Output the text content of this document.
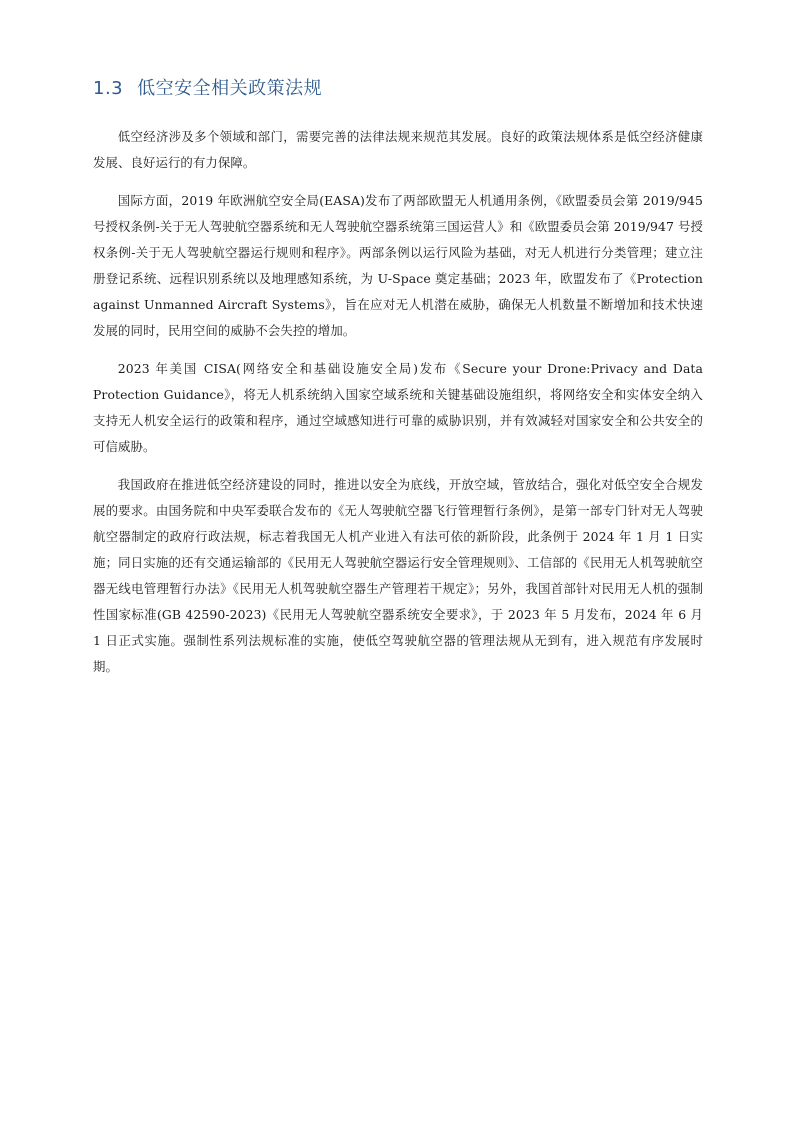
1.3 低空安全相关政策法规

低空经济涉及多个领域和部门，需要完善的法律法规来规范其发展。良好的政策法规体系是低空经济健康发展、良好运行的有力保障。

国际方面，2019 年欧洲航空安全局(EASA)发布了两部欧盟无人机通用条例，《欧盟委员会第 2019/945 号授权条例-关于无人驾驶航空器系统和无人驾驶航空器系统第三国运营人》和《欧盟委员会第 2019/947 号授权条例-关于无人驾驶航空器运行规则和程序》。两部条例以运行风险为基础，对无人机进行分类管理；建立注册登记系统、远程识别系统以及地理感知系统，为 U-Space 奠定基础；2023 年，欧盟发布了《Protection against Unmanned Aircraft Systems》，旨在应对无人机潜在威胁，确保无人机数量不断增加和技术快速发展的同时，民用空间的威胁不会失控的增加。

2023 年美国 CISA(网络安全和基础设施安全局)发布《Secure your Drone:Privacy and Data Protection Guidance》，将无人机系统纳入国家空域系统和关键基础设施组织，将网络安全和实体安全纳入支持无人机安全运行的政策和程序，通过空域感知进行可靠的威胁识别，并有效减轻对国家安全和公共安全的可信威胁。

我国政府在推进低空经济建设的同时，推进以安全为底线，开放空域，管放结合，强化对低空安全合规发展的要求。由国务院和中央军委联合发布的《无人驾驶航空器飞行管理暂行条例》，是第一部专门针对无人驾驶航空器制定的政府行政法规，标志着我国无人机产业进入有法可依的新阶段，此条例于 2024 年 1 月 1 日实施；同日实施的还有交通运输部的《民用无人驾驶航空器运行安全管理规则》、工信部的《民用无人机驾驶航空器无线电管理暂行办法》《民用无人机驾驶航空器生产管理若干规定》；另外，我国首部针对民用无人机的强制性国家标准(GB 42590-2023)《民用无人驾驶航空器系统安全要求》，于 2023 年 5 月发布，2024 年 6 月 1 日正式实施。强制性系列法规标准的实施，使低空驾驶航空器的管理法规从无到有，进入规范有序发展时期。
